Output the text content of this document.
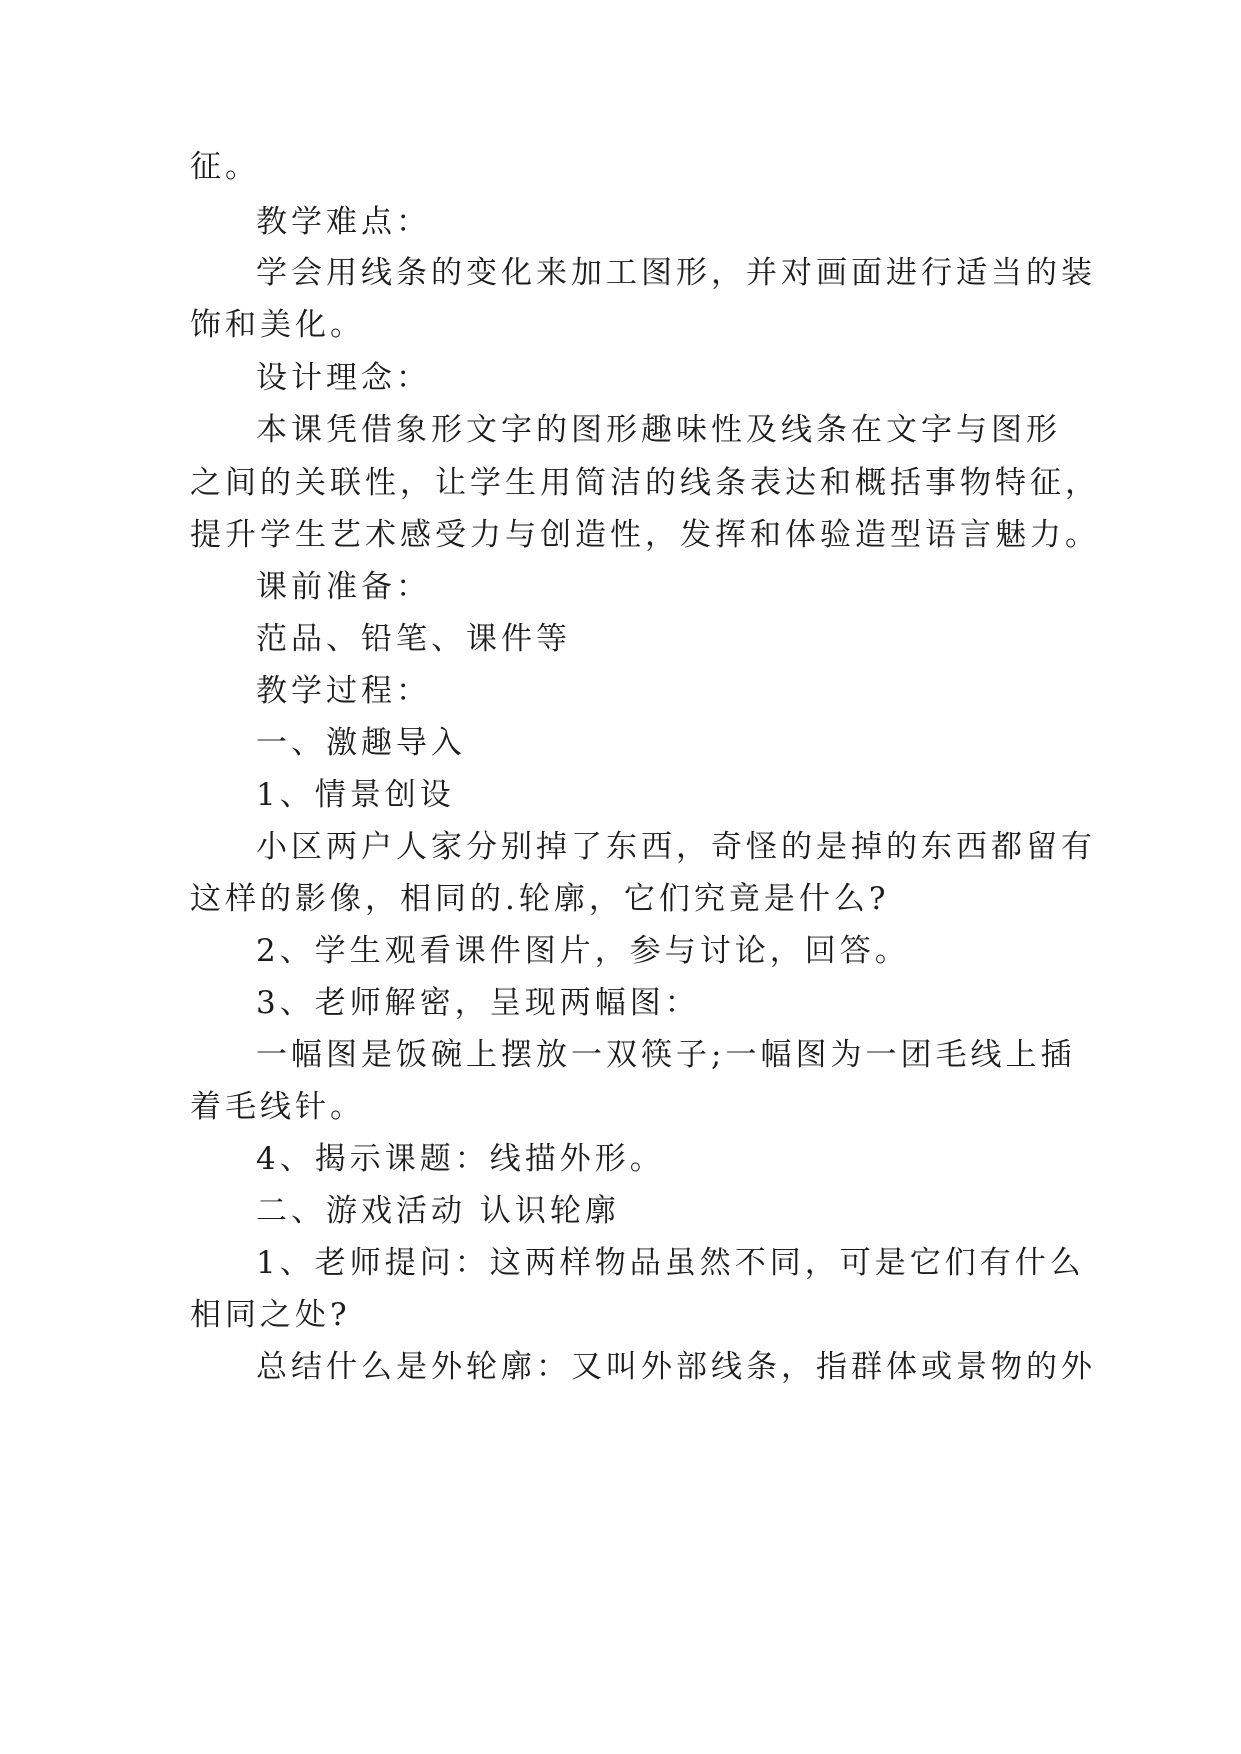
征。
教学难点：
学会用线条的变化来加工图形，并对画面进行适当的装
饰和美化。
设计理念：
本课凭借象形文字的图形趣味性及线条在文字与图形
之间的关联性，让学生用简洁的线条表达和概括事物特征，
提升学生艺术感受力与创造性，发挥和体验造型语言魅力。
课前准备：
范品、铅笔、课件等
教学过程：
一、激趣导入
1、情景创设
小区两户人家分别掉了东西，奇怪的是掉的东西都留有
这样的影像，相同的.轮廓，它们究竟是什么?
2、学生观看课件图片，参与讨论，回答。
3、老师解密，呈现两幅图：
一幅图是饭碗上摆放一双筷子;一幅图为一团毛线上插
着毛线针。
4、揭示课题：线描外形。
二、游戏活动 认识轮廓
1、老师提问：这两样物品虽然不同，可是它们有什么
相同之处?
总结什么是外轮廓：又叫外部线条，指群体或景物的外
